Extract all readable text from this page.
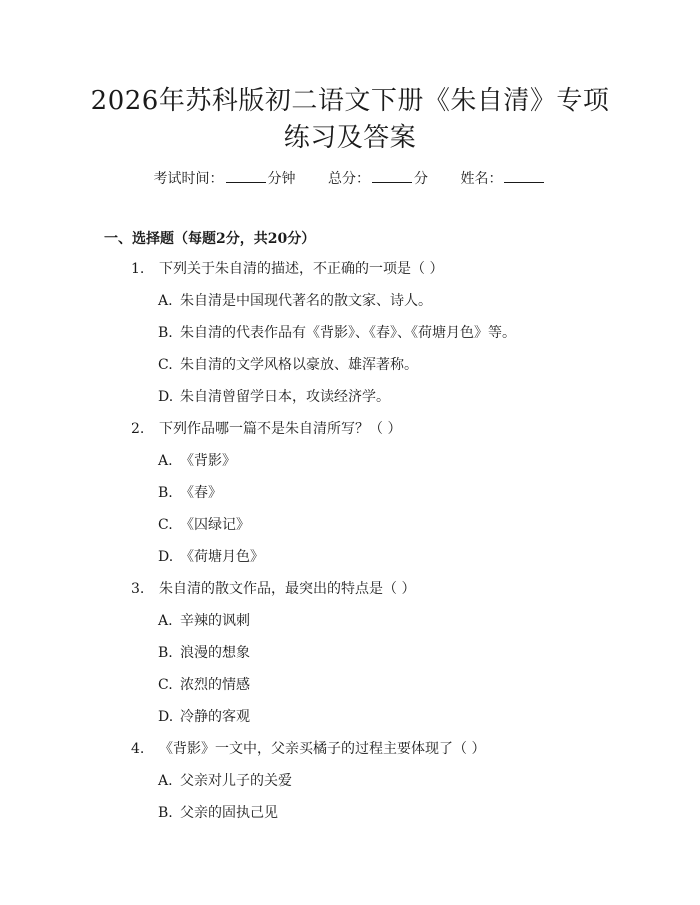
2026年苏科版初二语文下册《朱自清》专项
练习及答案
考试时间：	分钟 总分：	分 姓名：
一、选择题（每题2分，共20分）
1. 下列关于朱自清的描述，不正确的一项是（ ）
A. 朱自清是中国现代著名的散文家、诗人。
B. 朱自清的代表作品有《背影》、《春》、《荷塘月色》等。
C. 朱自清的文学风格以豪放、雄浑著称。
D. 朱自清曾留学日本，攻读经济学。
2. 下列作品哪一篇不是朱自清所写？（ ）
A. 《背影》
B. 《春》
C. 《囚绿记》
D. 《荷塘月色》
3. 朱自清的散文作品，最突出的特点是（ ）
A. 辛辣的讽刺
B. 浪漫的想象
C. 浓烈的情感
D. 冷静的客观
4. 《背影》一文中，父亲买橘子的过程主要体现了（ ）
A. 父亲对儿子的关爱
B. 父亲的固执己见
